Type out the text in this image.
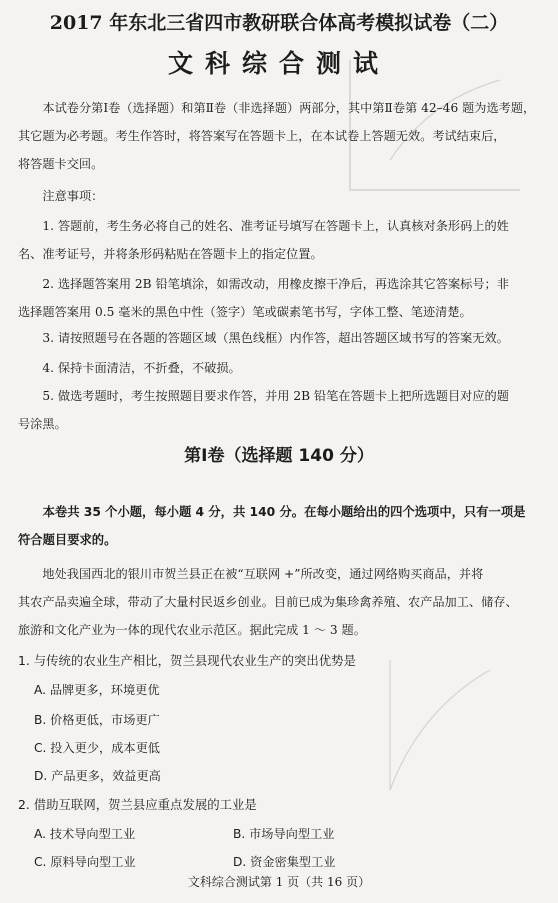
2017 年东北三省四市教研联合体高考模拟试卷（二）
文科综合测试
本试卷分第Ⅰ卷（选择题）和第Ⅱ卷（非选择题）两部分，其中第Ⅱ卷第 42–46 题为选考题，
其它题为必考题。考生作答时，将答案写在答题卡上，在本试卷上答题无效。考试结束后，
将答题卡交回。
注意事项：
1. 答题前，考生务必将自己的姓名、准考证号填写在答题卡上，认真核对条形码上的姓
名、准考证号，并将条形码粘贴在答题卡上的指定位置。
2. 选择题答案用 2B 铅笔填涂，如需改动，用橡皮擦干净后，再选涂其它答案标号；非
选择题答案用 0.5 毫米的黑色中性（签字）笔或碳素笔书写，字体工整、笔迹清楚。
3. 请按照题号在各题的答题区域（黑色线框）内作答，超出答题区域书写的答案无效。
4. 保持卡面清洁，不折叠，不破损。
5. 做选考题时，考生按照题目要求作答，并用 2B 铅笔在答题卡上把所选题目对应的题
号涂黑。
第Ⅰ卷（选择题 140 分）
本卷共 35 个小题，每小题 4 分，共 140 分。在每小题给出的四个选项中，只有一项是
符合题目要求的。
地处我国西北的银川市贺兰县正在被“互联网 +”所改变，通过网络购买商品，并将
其农产品卖遍全球，带动了大量村民返乡创业。目前已成为集珍禽养殖、农产品加工、储存、
旅游和文化产业为一体的现代农业示范区。据此完成 1 ～ 3 题。
1. 与传统的农业生产相比，贺兰县现代农业生产的突出优势是
A. 品牌更多，环境更优
B. 价格更低，市场更广
C. 投入更少，成本更低
D. 产品更多，效益更高
2. 借助互联网，贺兰县应重点发展的工业是
A. 技术导向型工业	B. 市场导向型工业
C. 原料导向型工业	D. 资金密集型工业
文科综合测试第 1 页（共 16 页）
